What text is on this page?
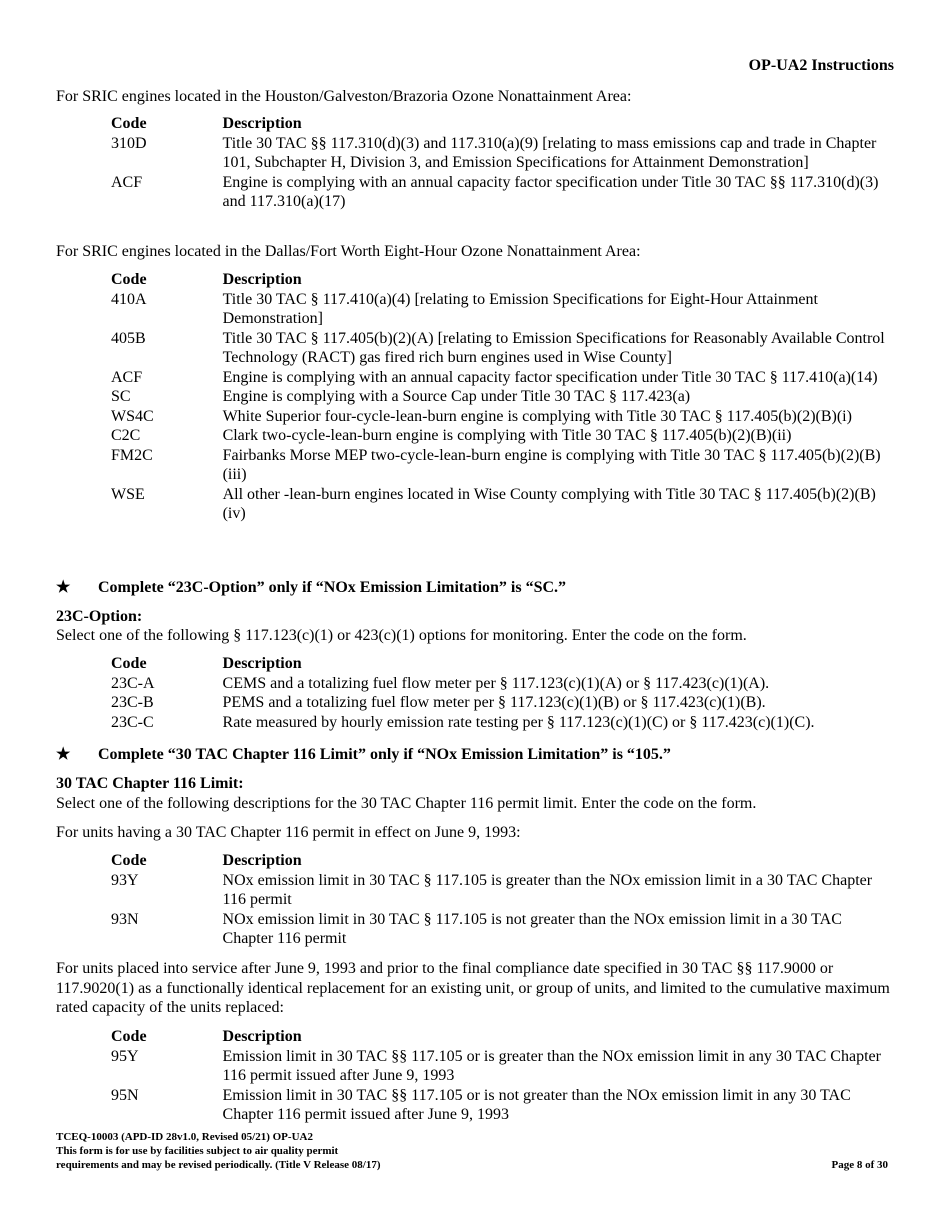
OP-UA2 Instructions

For SRIC engines located in the Houston/Galveston/Brazoria Ozone Nonattainment Area:

Code	Description
310D	Title 30 TAC §§ 117.310(d)(3) and 117.310(a)(9) [relating to mass emissions cap and trade in Chapter 101, Subchapter H, Division 3, and Emission Specifications for Attainment Demonstration]
ACF	Engine is complying with an annual capacity factor specification under Title 30 TAC §§ 117.310(d)(3) and 117.310(a)(17)

For SRIC engines located in the Dallas/Fort Worth Eight-Hour Ozone Nonattainment Area:

Code	Description
410A	Title 30 TAC § 117.410(a)(4) [relating to Emission Specifications for Eight-Hour Attainment Demonstration]
405B	Title 30 TAC § 117.405(b)(2)(A) [relating to Emission Specifications for Reasonably Available Control Technology (RACT) gas fired rich burn engines used in Wise County]
ACF	Engine is complying with an annual capacity factor specification under Title 30 TAC § 117.410(a)(14)
SC	Engine is complying with a Source Cap under Title 30 TAC § 117.423(a)
WS4C	White Superior four-cycle-lean-burn engine is complying with Title 30 TAC § 117.405(b)(2)(B)(i)
C2C	Clark two-cycle-lean-burn engine is complying with Title 30 TAC § 117.405(b)(2)(B)(ii)
FM2C	Fairbanks Morse MEP two-cycle-lean-burn engine is complying with Title 30 TAC § 117.405(b)(2)(B)(iii)
WSE	All other -lean-burn engines located in Wise County complying with Title 30 TAC § 117.405(b)(2)(B)(iv)
★	Complete “23C-Option” only if “NOx Emission Limitation” is “SC.”

23C-Option:

Select one of the following § 117.123(c)(1) or 423(c)(1) options for monitoring. Enter the code on the form.

Code	Description
23C-A	CEMS and a totalizing fuel flow meter per § 117.123(c)(1)(A) or § 117.423(c)(1)(A).
23C-B	PEMS and a totalizing fuel flow meter per § 117.123(c)(1)(B) or § 117.423(c)(1)(B).
23C-C	Rate measured by hourly emission rate testing per § 117.123(c)(1)(C) or § 117.423(c)(1)(C).
★	Complete “30 TAC Chapter 116 Limit” only if “NOx Emission Limitation” is “105.”

30 TAC Chapter 116 Limit:

Select one of the following descriptions for the 30 TAC Chapter 116 permit limit. Enter the code on the form.

For units having a 30 TAC Chapter 116 permit in effect on June 9, 1993:

Code	Description
93Y	NOx emission limit in 30 TAC § 117.105 is greater than the NOx emission limit in a 30 TAC Chapter 116 permit
93N	NOx emission limit in 30 TAC § 117.105 is not greater than the NOx emission limit in a 30 TAC Chapter 116 permit

For units placed into service after June 9, 1993 and prior to the final compliance date specified in 30 TAC §§ 117.9000 or 117.9020(1) as a functionally identical replacement for an existing unit, or group of units, and limited to the cumulative maximum rated capacity of the units replaced:

Code	Description
95Y	Emission limit in 30 TAC §§ 117.105 or is greater than the NOx emission limit in any 30 TAC Chapter 116 permit issued after June 9, 1993
95N	Emission limit in 30 TAC §§ 117.105 or is not greater than the NOx emission limit in any 30 TAC Chapter 116 permit issued after June 9, 1993
TCEQ-10003 (APD-ID 28v1.0, Revised 05/21) OP-UA2
This form is for use by facilities subject to air quality permit
requirements and may be revised periodically. (Title V Release 08/17)	Page 8 of 30
